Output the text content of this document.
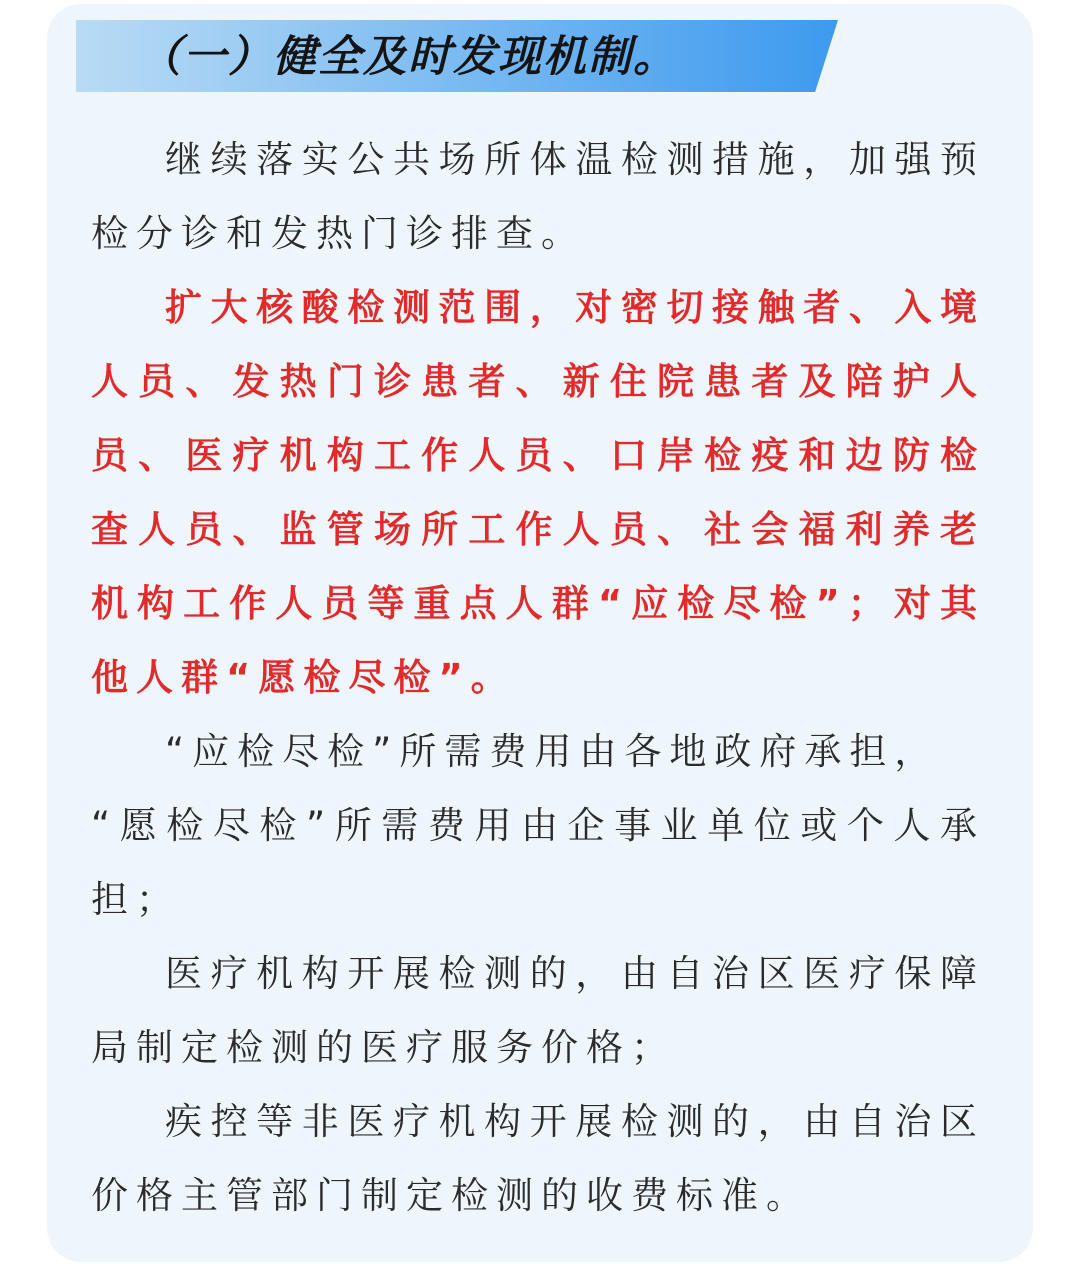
（一）健全及时发现机制。

继续落实公共场所体温检测措施，加强预检分诊和发热门诊排查。

扩大核酸检测范围，对密切接触者、入境人员、发热门诊患者、新住院患者及陪护人员、医疗机构工作人员、口岸检疫和边防检查人员、监管场所工作人员、社会福利养老机构工作人员等重点人群“应检尽检”；对其他人群“愿检尽检”。

“应检尽检”所需费用由各地政府承担，

“愿检尽检”所需费用由企事业单位或个人承担；

医疗机构开展检测的，由自治区医疗保障局制定检测的医疗服务价格；

疾控等非医疗机构开展检测的，由自治区价格主管部门制定检测的收费标准。
